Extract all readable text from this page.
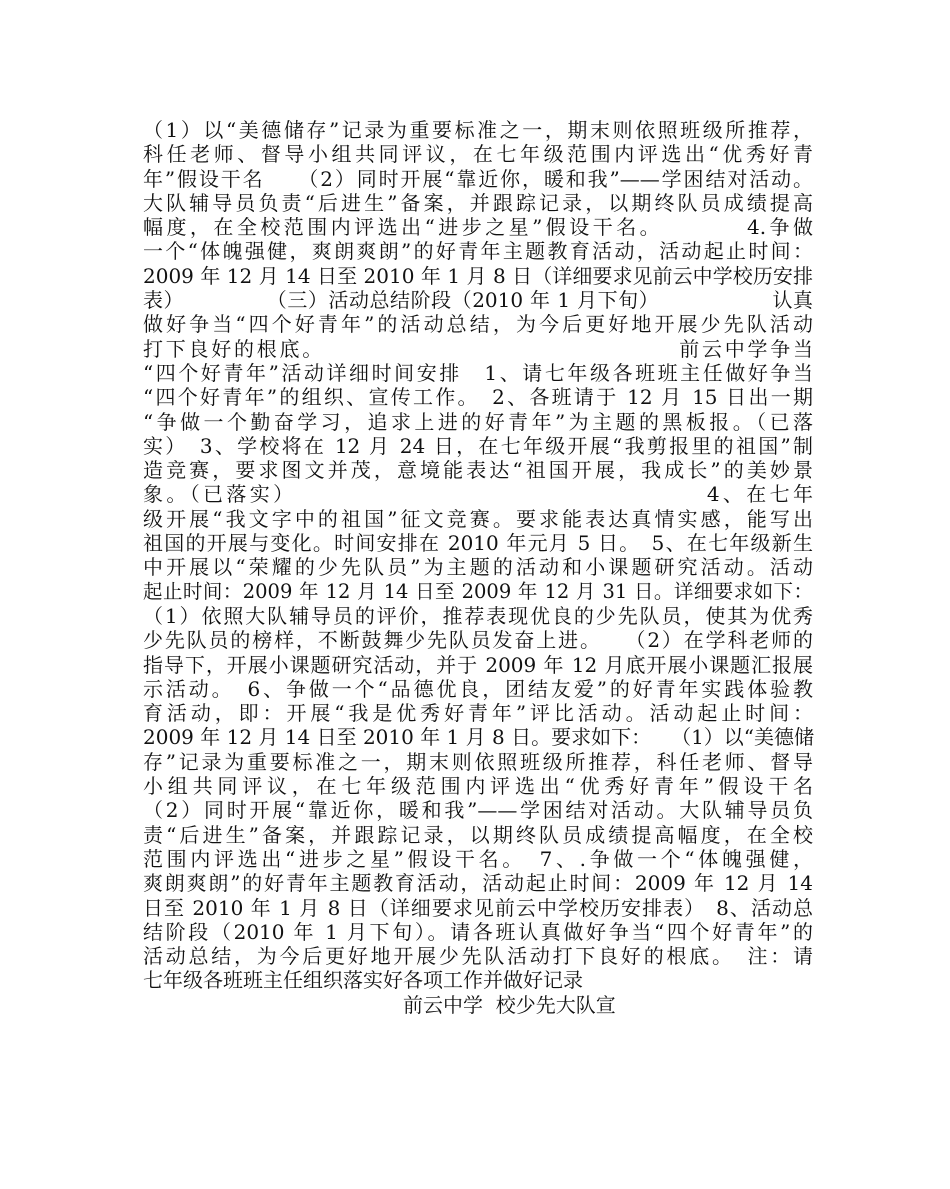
（1）以“美德储存”记录为重要标准之一，期末则依照班级所推荐，
科任老师、督导小组共同评议，在七年级范围内评选出“优秀好青
年”假设干名　　（2）同时开展“靠近你，暖和我”——学困结对活动。
大队辅导员负责“后进生”备案，并跟踪记录，以期终队员成绩提高
幅度，在全校范围内评选出“进步之星”假设干名。　　　　4.争做
一个“体魄强健，爽朗爽朗”的好青年主题教育活动，活动起止时间：
2009 年 12 月 14 日至 2010 年 1 月 8 日（详细要求见前云中学校历安排
表）　　　　　（三）活动总结阶段（2010 年 1 月下旬）　　　　　　认真
做好争当“四个好青年”的活动总结，为今后更好地开展少先队活动
打下良好的根底。　　　　　　　　　　　　　　　　前云中学争当
“四个好青年”活动详细时间安排　1、请七年级各班班主任做好争当
“四个好青年”的组织、宣传工作。　2、各班请于 12 月 15 日出一期
“争做一个勤奋学习，追求上进的好青年”为主题的黑板报。（已落
实）　3、学校将在 12 月 24 日，在七年级开展“我剪报里的祖国”制
造竞赛，要求图文并茂，意境能表达“祖国开展，我成长”的美妙景
象。（已落实）　　　　　　　　　　　　　　　　　　4、在七年
级开展“我文字中的祖国”征文竞赛。要求能表达真情实感，能写出
祖国的开展与变化。时间安排在 2010 年元月 5 日。　5、在七年级新生
中开展以“荣耀的少先队员”为主题的活动和小课题研究活动。活动
起止时间：2009 年 12 月 14 日至 2009 年 12 月 31 日。详细要求如下：
（1）依照大队辅导员的评价，推荐表现优良的少先队员，使其为优秀
少先队员的榜样，不断鼓舞少先队员发奋上进。　　（2）在学科老师的
指导下，开展小课题研究活动，并于 2009 年 12 月底开展小课题汇报展
示活动。　6、争做一个“品德优良，团结友爱”的好青年实践体验教
育活动，即：开展“我是优秀好青年”评比活动。活动起止时间：
2009 年 12 月 14 日至 2010 年 1 月 8 日。要求如下：　　（1）以“美德储
存”记录为重要标准之一，期末则依照班级所推荐，科任老师、督导
小组共同评议，在七年级范围内评选出“优秀好青年”假设干名
（2）同时开展“靠近你，暖和我”——学困结对活动。大队辅导员负
责“后进生”备案，并跟踪记录，以期终队员成绩提高幅度，在全校
范围内评选出“进步之星”假设干名。　7、.争做一个“体魄强健，
爽朗爽朗”的好青年主题教育活动，活动起止时间：2009 年 12 月 14
日至 2010 年 1 月 8 日（详细要求见前云中学校历安排表）　8、活动总
结阶段（2010 年 1 月下旬）。请各班认真做好争当“四个好青年”的
活动总结，为今后更好地开展少先队活动打下良好的根底。　注：请
七年级各班班主任组织落实好各项工作并做好记录
　　　　　　　　　　　　　前云中学  校少先大队宣
